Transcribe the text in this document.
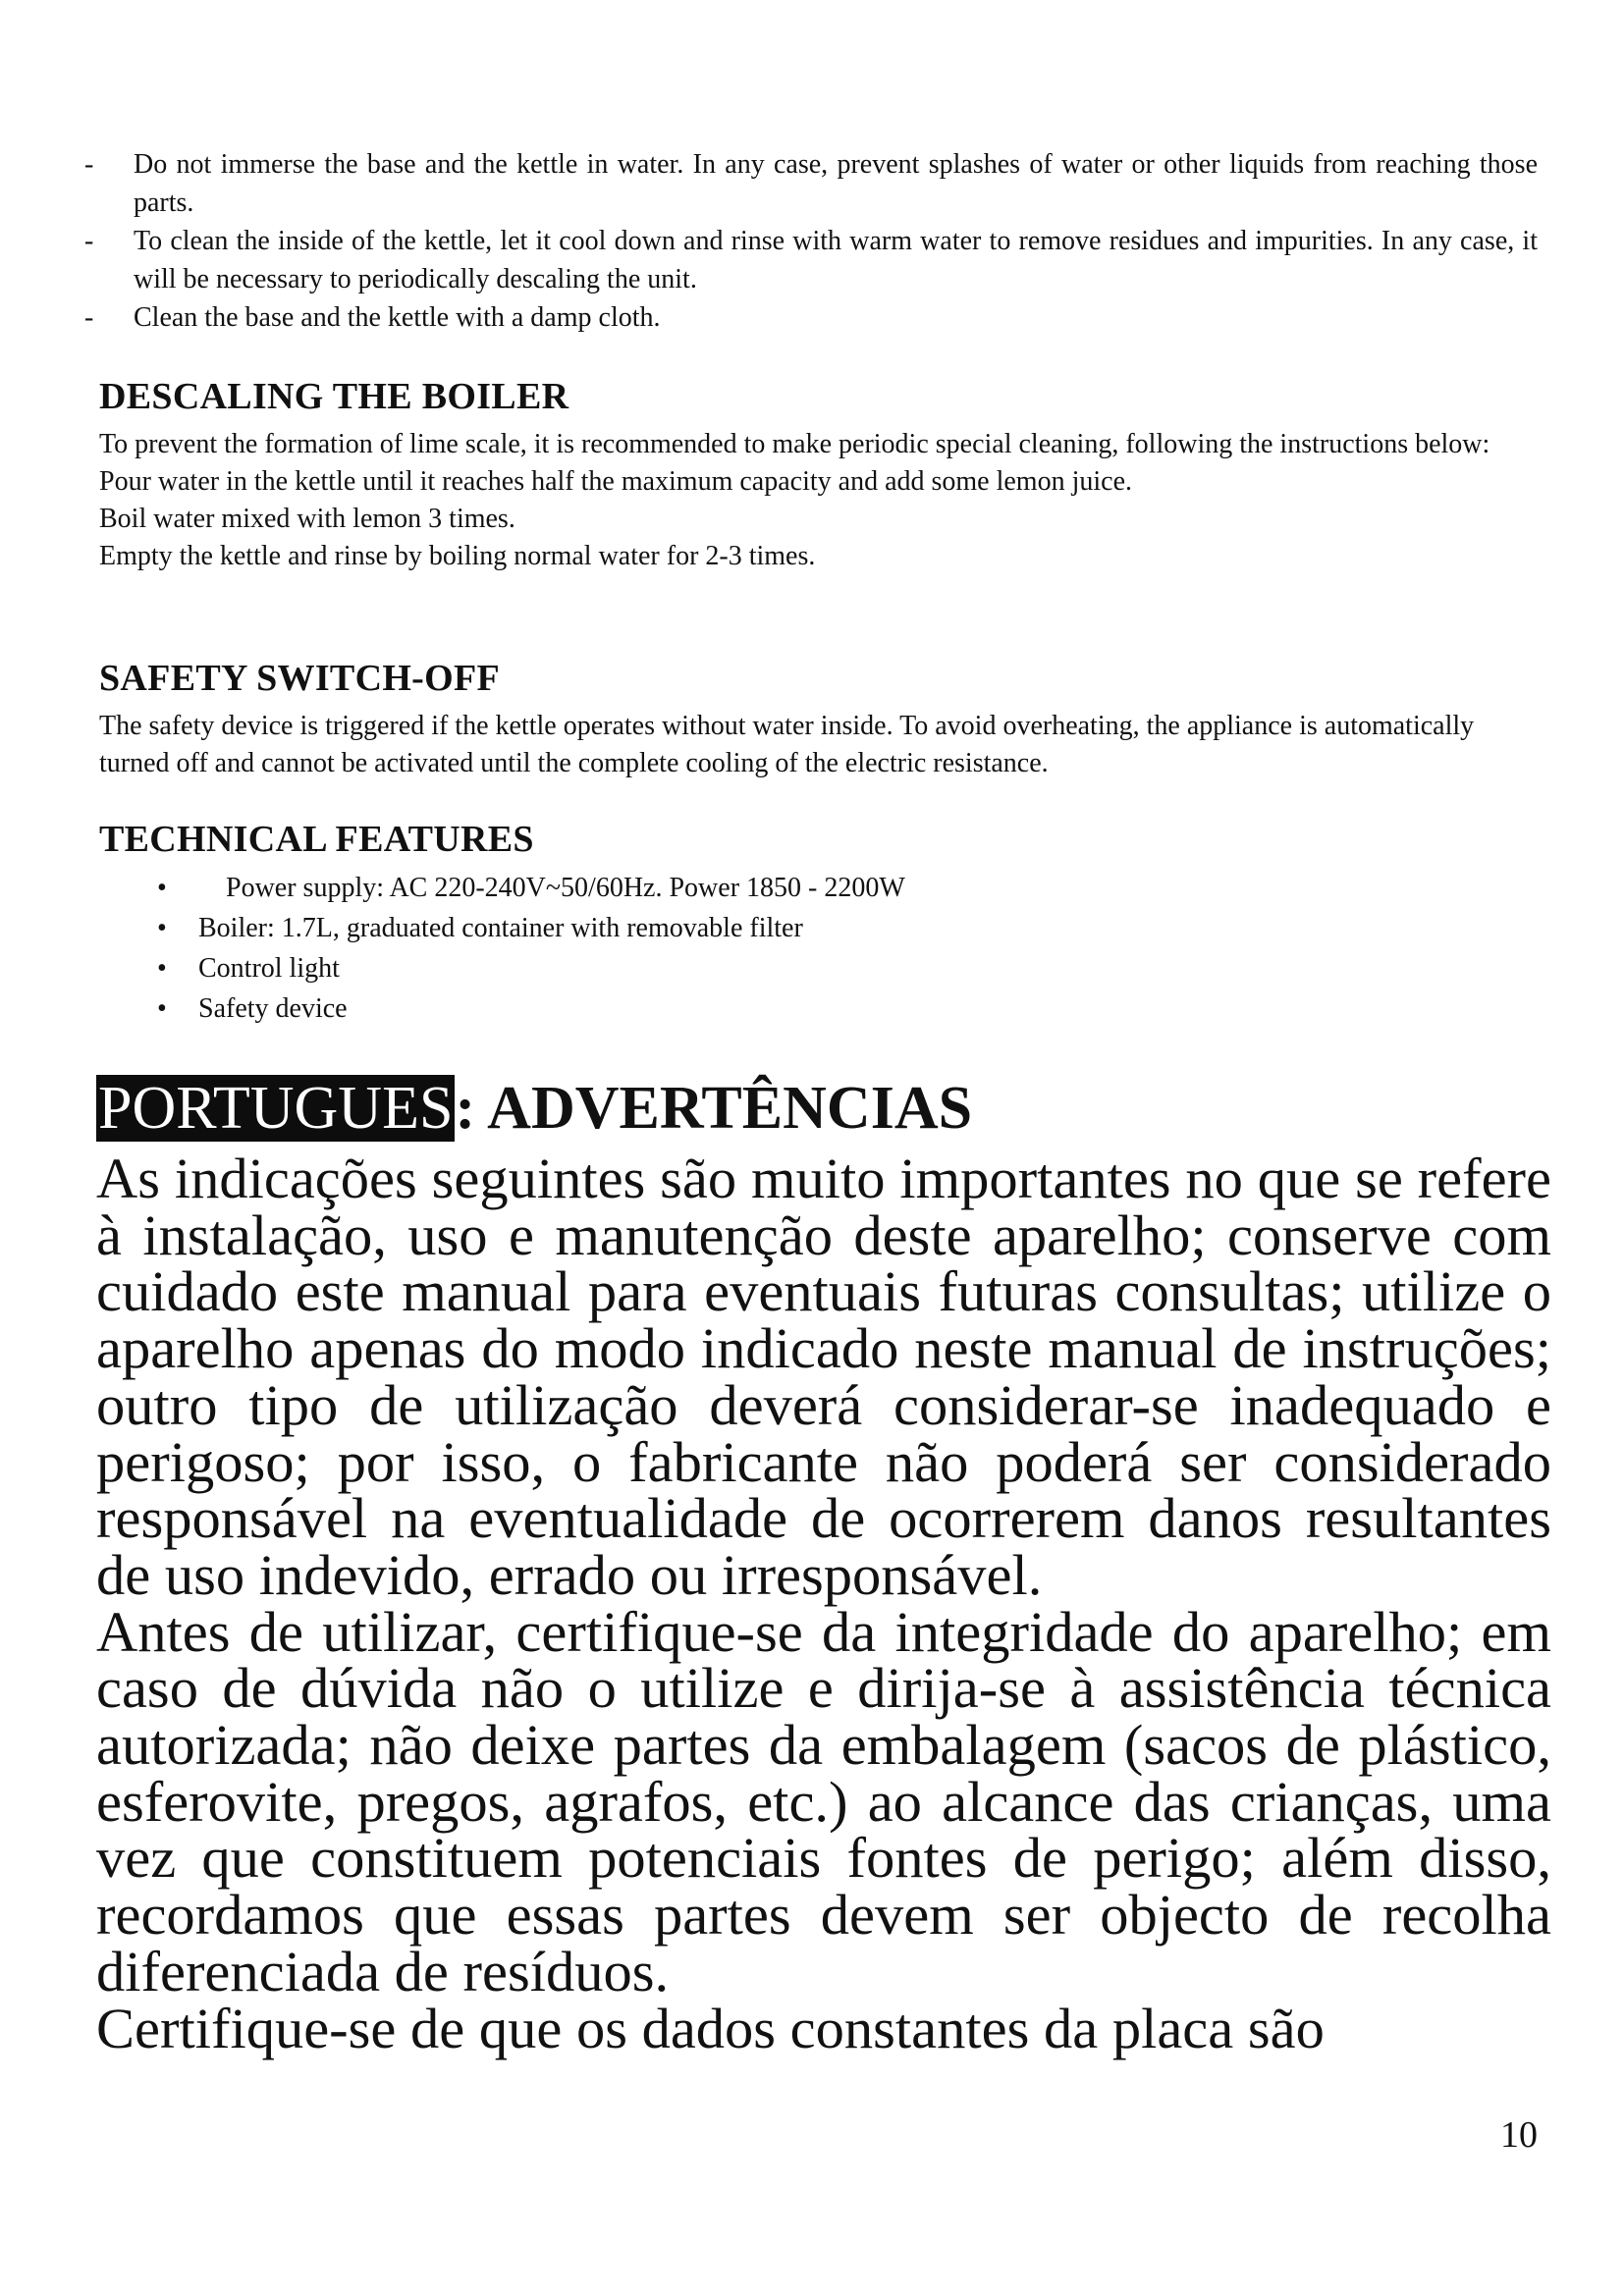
- Do not immerse the base and the kettle in water. In any case, prevent splashes of water or other liquids from reaching those parts.
- To clean the inside of the kettle, let it cool down and rinse with warm water to remove residues and impurities. In any case, it will be necessary to periodically descaling the unit.
- Clean the base and the kettle with a damp cloth.
DESCALING THE BOILER

To prevent the formation of lime scale, it is recommended to make periodic special cleaning, following the instructions below:

Pour water in the kettle until it reaches half the maximum capacity and add some lemon juice.

Boil water mixed with lemon 3 times.

Empty the kettle and rinse by boiling normal water for 2-3 times.

SAFETY SWITCH-OFF

The safety device is triggered if the kettle operates without water inside. To avoid overheating, the appliance is automatically turned off and cannot be activated until the complete cooling of the electric resistance.

TECHNICAL FEATURES
• Power supply: AC 220-240V~50/60Hz. Power 1850 - 2200W
• Boiler: 1.7L, graduated container with removable filter
• Control light
• Safety device
PORTUGUES: ADVERTÊNCIAS

As indicações seguintes são muito importantes no que se refere à instalação, uso e manutenção deste aparelho; conserve com cuidado este manual para eventuais futuras consultas; utilize o aparelho apenas do modo indicado neste manual de instruções; outro tipo de utilização deverá considerar-se inadequado e perigoso; por isso, o fabricante não poderá ser considerado responsável na eventualidade de ocorrerem danos resultantes de uso indevido, errado ou irresponsável.

Antes de utilizar, certifique-se da integridade do aparelho; em caso de dúvida não o utilize e dirija-se à assistência técnica autorizada; não deixe partes da embalagem (sacos de plástico, esferovite, pregos, agrafos, etc.) ao alcance das crianças, uma vez que constituem potenciais fontes de perigo; além disso, recordamos que essas partes devem ser objecto de recolha diferenciada de resíduos.

Certifique-se de que os dados constantes da placa são

10
